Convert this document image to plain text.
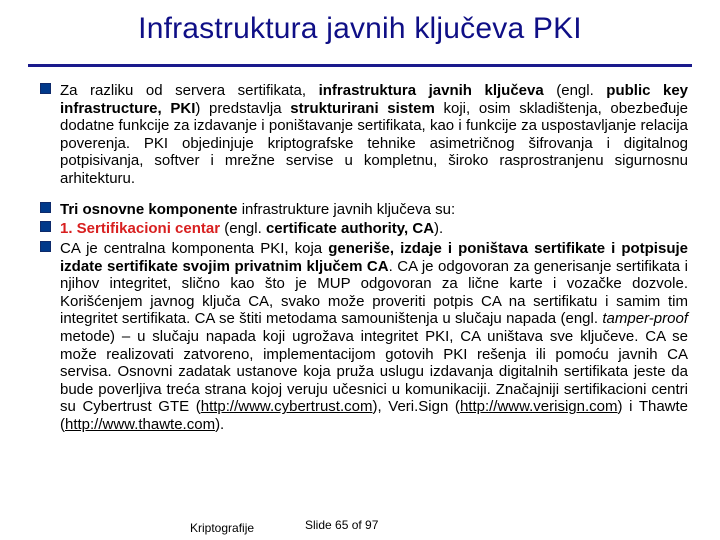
Infrastruktura javnih ključeva PKI

Za razliku od servera sertifikata, infrastruktura javnih ključeva (engl. public key infrastructure, PKI) predstavlja strukturirani sistem koji, osim skladištenja, obezbeđuje dodatne funkcije za izdavanje i poništavanje sertifikata, kao i funkcije za uspostavljanje relacija poverenja. PKI objedinjuje kriptografske tehnike asimetričnog šifrovanja i digitalnog potpisivanja, softver i mrežne servise u kompletnu, široko rasprostranjenu sigurnosnu arhitekturu.

Tri osnovne komponente infrastrukture javnih ključeva su:

1. Sertifikacioni centar (engl. certificate authority, CA).

CA je centralna komponenta PKI, koja generiše, izdaje i poništava sertifikate i potpisuje izdate sertifikate svojim privatnim ključem CA. CA je odgovoran za generisanje sertifikata i njihov integritet, slično kao što je MUP odgovoran za lične karte i vozačke dozvole. Korišćenjem javnog ključa CA, svako može proveriti potpis CA na sertifikatu i samim tim integritet sertifikata. CA se štiti metodama samouništenja u slučaju napada (engl. tamper-proof metode) – u slučaju napada koji ugrožava integritet PKI, CA uništava sve ključeve. CA se može realizovati zatvoreno, implementacijom gotovih PKI rešenja ili pomoću javnih CA servisa. Osnovni zadatak ustanove koja pruža uslugu izdavanja digitalnih sertifikata jeste da bude poverljiva treća strana kojoj veruju učesnici u komunikaciji. Značajniji sertifikacioni centri su Cybertrust GTE (http://www.cybertrust.com), Veri.Sign (http://www.verisign.com) i Thawte (http://www.thawte.com).

Kriptografije	Slide 65 of 97
